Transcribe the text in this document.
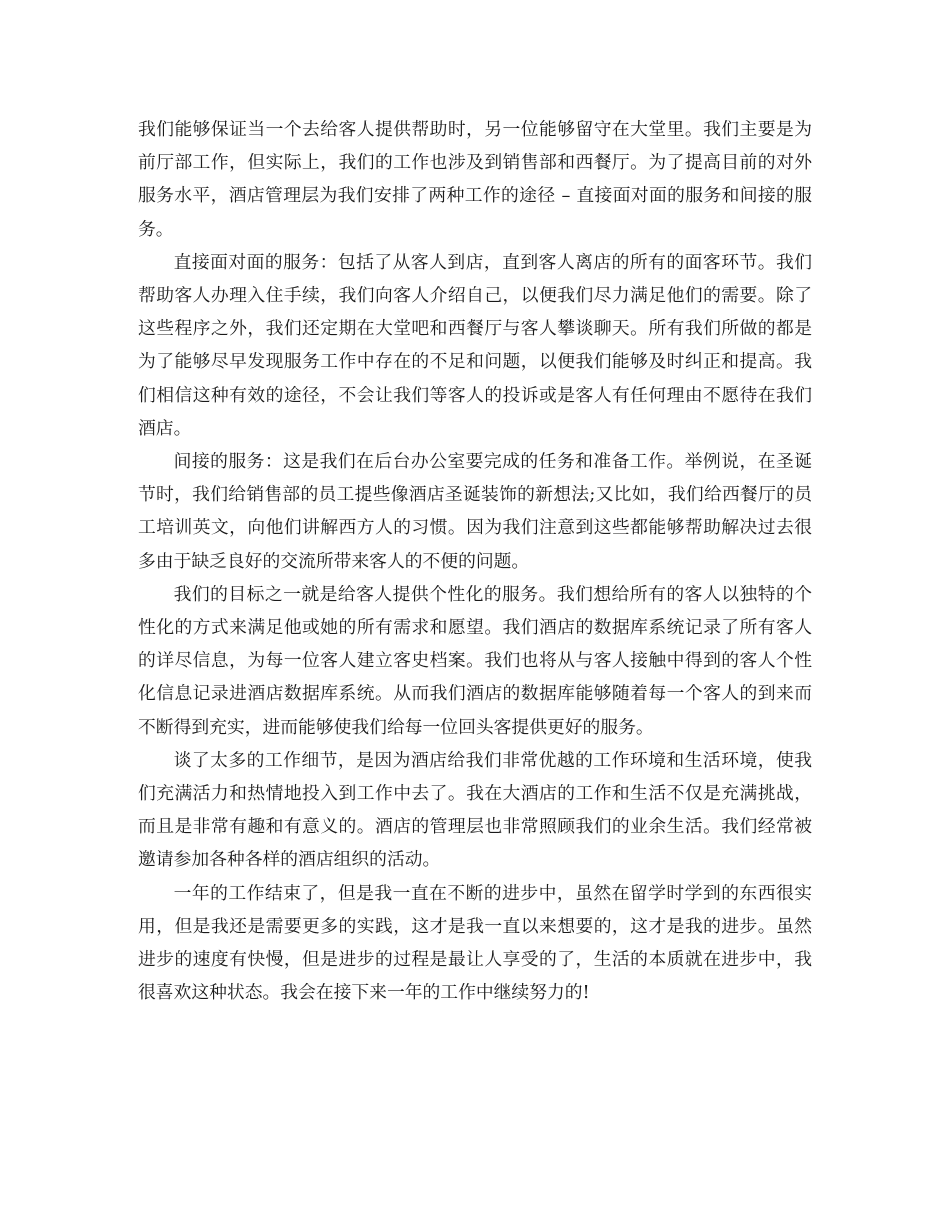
我们能够保证当一个去给客人提供帮助时，另一位能够留守在大堂里。我们主要是为前厅部工作，但实际上，我们的工作也涉及到销售部和西餐厅。为了提高目前的对外服务水平，酒店管理层为我们安排了两种工作的途径 – 直接面对面的服务和间接的服务。

直接面对面的服务：包括了从客人到店，直到客人离店的所有的面客环节。我们帮助客人办理入住手续，我们向客人介绍自己，以便我们尽力满足他们的需要。除了这些程序之外，我们还定期在大堂吧和西餐厅与客人攀谈聊天。所有我们所做的都是为了能够尽早发现服务工作中存在的不足和问题，以便我们能够及时纠正和提高。我们相信这种有效的途径，不会让我们等客人的投诉或是客人有任何理由不愿待在我们酒店。

间接的服务：这是我们在后台办公室要完成的任务和准备工作。举例说，在圣诞节时，我们给销售部的员工提些像酒店圣诞装饰的新想法;又比如，我们给西餐厅的员工培训英文，向他们讲解西方人的习惯。因为我们注意到这些都能够帮助解决过去很多由于缺乏良好的交流所带来客人的不便的问题。

我们的目标之一就是给客人提供个性化的服务。我们想给所有的客人以独特的个性化的方式来满足他或她的所有需求和愿望。我们酒店的数据库系统记录了所有客人的详尽信息，为每一位客人建立客史档案。我们也将从与客人接触中得到的客人个性化信息记录进酒店数据库系统。从而我们酒店的数据库能够随着每一个客人的到来而不断得到充实，进而能够使我们给每一位回头客提供更好的服务。

谈了太多的工作细节，是因为酒店给我们非常优越的工作环境和生活环境，使我们充满活力和热情地投入到工作中去了。我在大酒店的工作和生活不仅是充满挑战，而且是非常有趣和有意义的。酒店的管理层也非常照顾我们的业余生活。我们经常被邀请参加各种各样的酒店组织的活动。

一年的工作结束了，但是我一直在不断的进步中，虽然在留学时学到的东西很实用，但是我还是需要更多的实践，这才是我一直以来想要的，这才是我的进步。虽然进步的速度有快慢，但是进步的过程是最让人享受的了，生活的本质就在进步中，我很喜欢这种状态。我会在接下来一年的工作中继续努力的!
